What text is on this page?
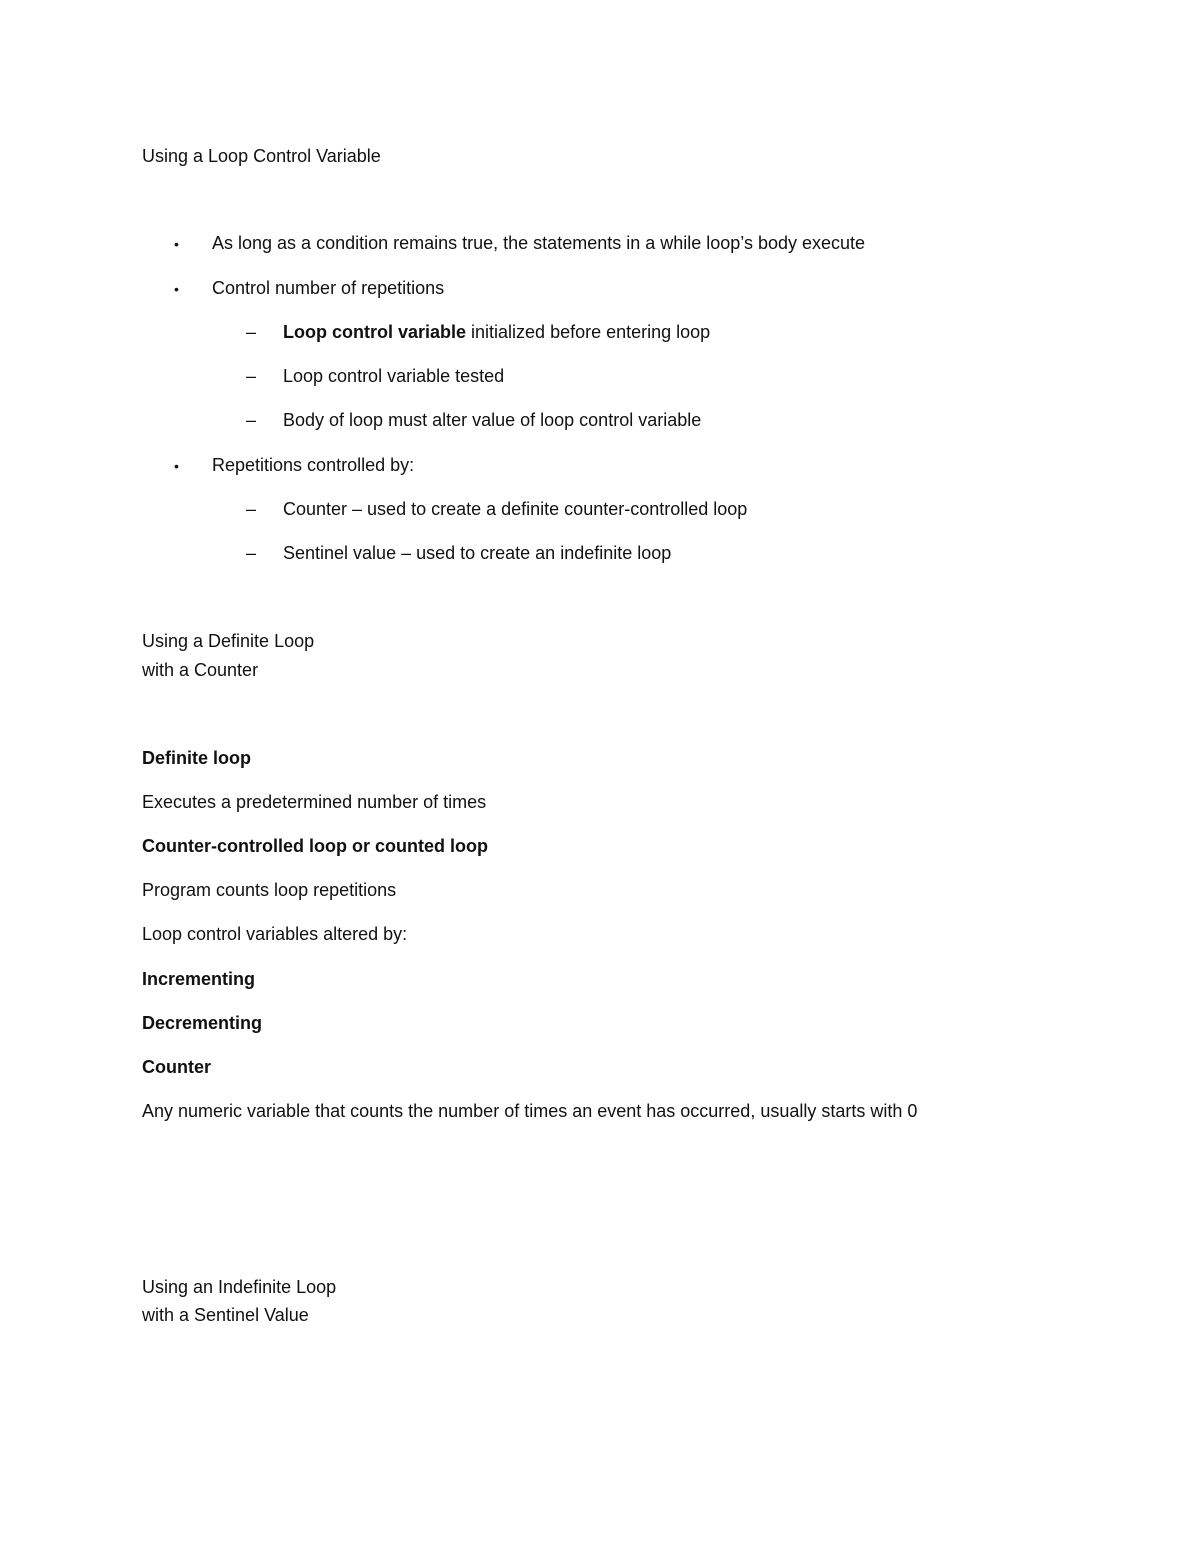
Using a Loop Control Variable
• As long as a condition remains true, the statements in a while loop’s body execute
• Control number of repetitions
– Loop control variable initialized before entering loop
– Loop control variable tested
– Body of loop must alter value of loop control variable
• Repetitions controlled by:
– Counter – used to create a definite counter-controlled loop
– Sentinel value – used to create an indefinite loop
Using a Definite Loop
with a Counter
Definite loop
Executes a predetermined number of times
Counter-controlled loop or counted loop
Program counts loop repetitions
Loop control variables altered by:
Incrementing
Decrementing
Counter
Any numeric variable that counts the number of times an event has occurred, usually starts with 0
Using an Indefinite Loop
with a Sentinel Value
